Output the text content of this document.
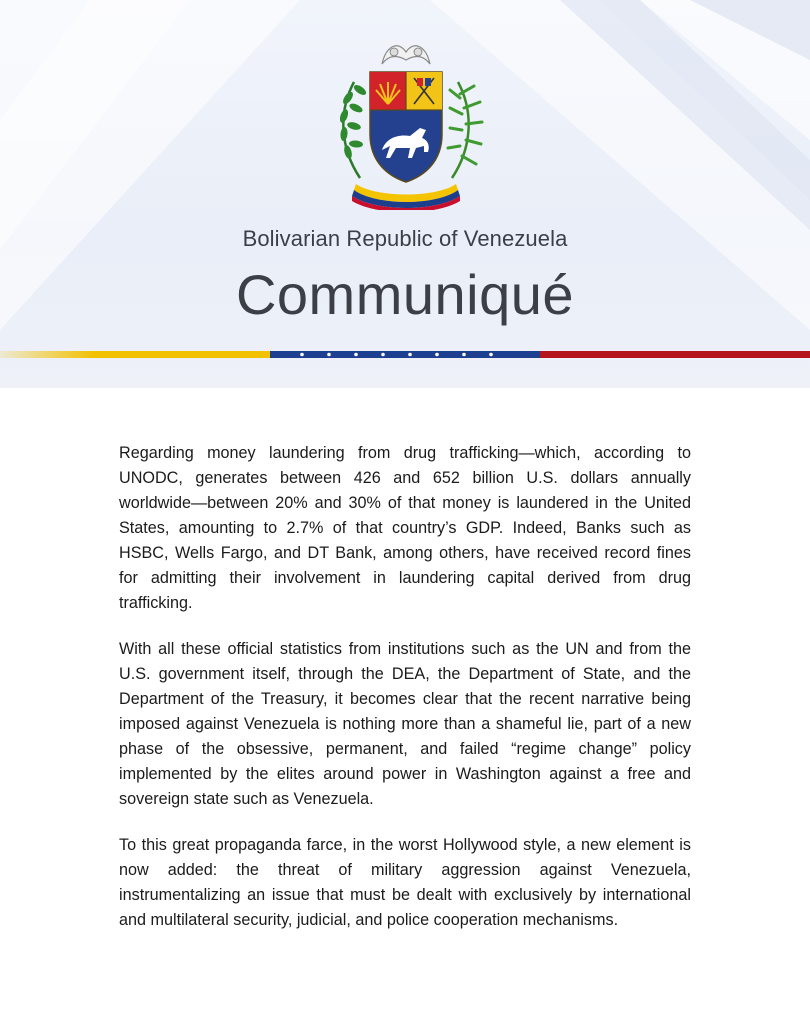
Bolivarian Republic of Venezuela
Communiqué

Regarding money laundering from drug trafficking—which, according to UNODC, generates between 426 and 652 billion U.S. dollars annually worldwide—between 20% and 30% of that money is laundered in the United States, amounting to 2.7% of that country’s GDP. Indeed, Banks such as HSBC, Wells Fargo, and DT Bank, among others, have received record fines for admitting their involvement in laundering capital derived from drug trafficking.

With all these official statistics from institutions such as the UN and from the U.S. government itself, through the DEA, the Department of State, and the Department of the Treasury, it becomes clear that the recent narrative being imposed against Venezuela is nothing more than a shameful lie, part of a new phase of the obsessive, permanent, and failed “regime change” policy implemented by the elites around power in Washington against a free and sovereign state such as Venezuela.

To this great propaganda farce, in the worst Hollywood style, a new element is now added: the threat of military aggression against Venezuela, instrumentalizing an issue that must be dealt with exclusively by international and multilateral security, judicial, and police cooperation mechanisms.
